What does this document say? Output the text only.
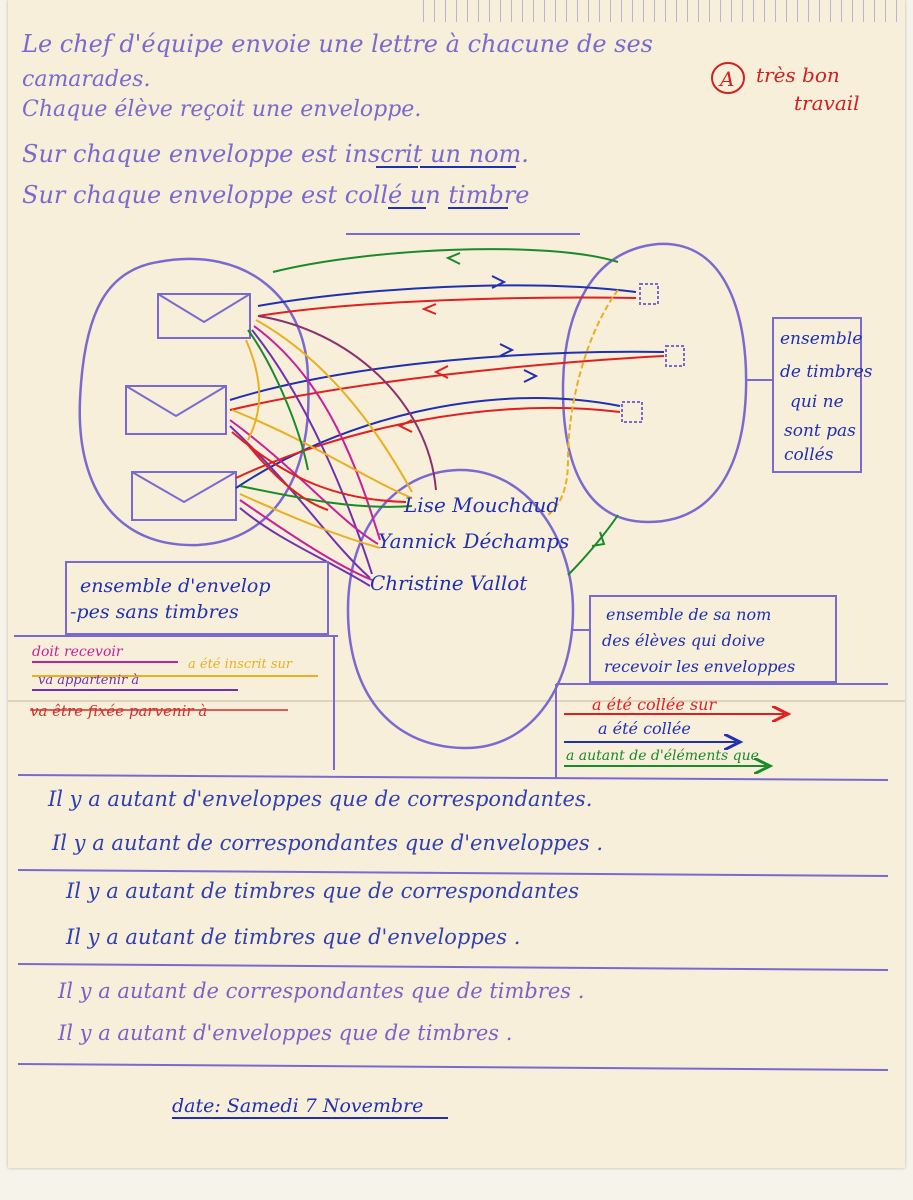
Le chef d'équipe envoie une lettre à chacune de ses
camarades.
Chaque élève reçoit une enveloppe.
Sur chaque enveloppe est inscrit un nom.
Sur chaque enveloppe est collé un timbre
A très bon
travail
Lise Mouchaud
Yannick Déchamps
Christine Vallot
ensemble
de timbres
qui ne
sont pas
collés
ensemble d'envelop
-pes sans timbres	ensemble de sa nom
des élèves qui doive
recevoir les enveloppes
doit recevoir
a été inscrit sur
va appartenir à
va être fixée parvenir à	a été collée sur
a été collée
a autant de d'éléments que
Il y a autant d'enveloppes que de correspondantes.
Il y a autant de correspondantes que d'enveloppes .
Il y a autant de timbres que de correspondantes
Il y a autant de timbres que d'enveloppes .
Il y a autant de correspondantes que de timbres .
Il y a autant d'enveloppes que de timbres .
date: Samedi 7 Novembre
